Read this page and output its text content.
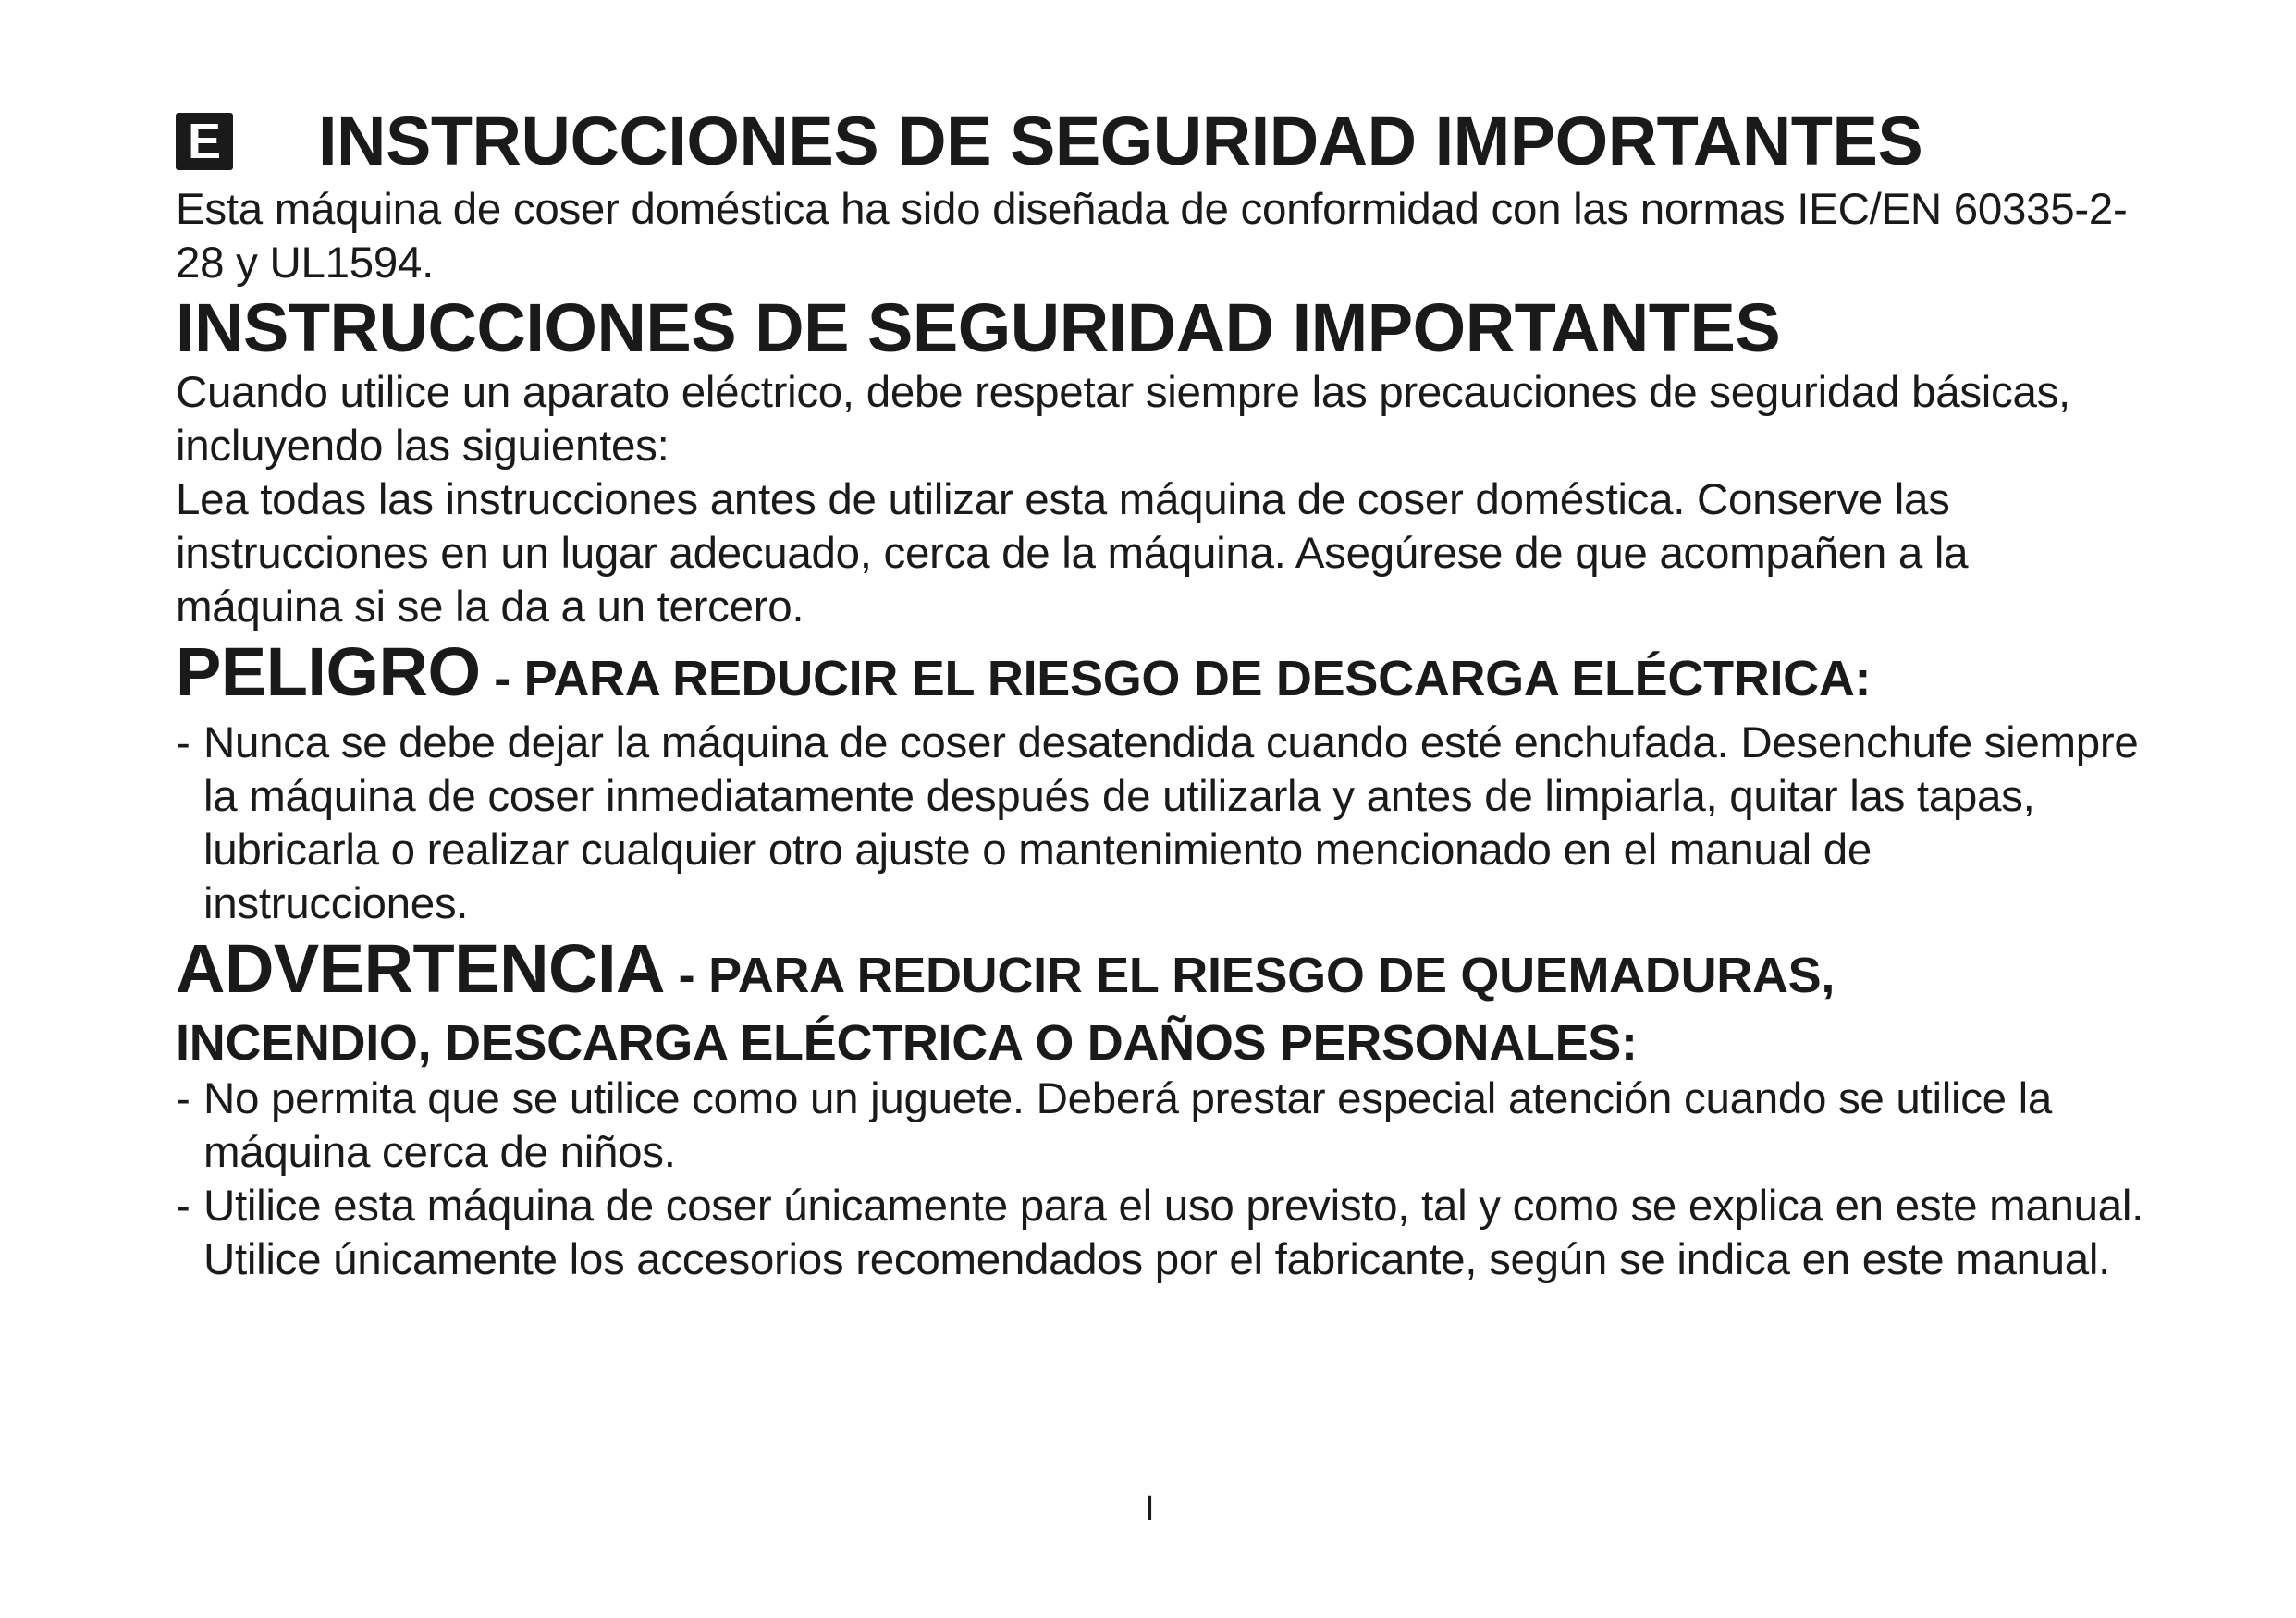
E INSTRUCCIONES DE SEGURIDAD IMPORTANTES

Esta máquina de coser doméstica ha sido diseñada de conformidad con las normas IEC/EN 60335-2-28 y UL1594.

INSTRUCCIONES DE SEGURIDAD IMPORTANTES

Cuando utilice un aparato eléctrico, debe respetar siempre las precauciones de seguridad básicas, incluyendo las siguientes:

Lea todas las instrucciones antes de utilizar esta máquina de coser doméstica. Conserve las instrucciones en un lugar adecuado, cerca de la máquina. Asegúrese de que acompañen a la máquina si se la da a un tercero.

PELIGRO - PARA REDUCIR EL RIESGO DE DESCARGA ELÉCTRICA:
- Nunca se debe dejar la máquina de coser desatendida cuando esté enchufada. Desenchufe siempre la máquina de coser inmediatamente después de utilizarla y antes de limpiarla, quitar las tapas, lubricarla o realizar cualquier otro ajuste o mantenimiento mencionado en el manual de instrucciones.
ADVERTENCIA - PARA REDUCIR EL RIESGO DE QUEMADURAS,
INCENDIO, DESCARGA ELÉCTRICA O DAÑOS PERSONALES:
- No permita que se utilice como un juguete. Deberá prestar especial atención cuando se utilice la máquina cerca de niños.
- Utilice esta máquina de coser únicamente para el uso previsto, tal y como se explica en este manual. Utilice únicamente los accesorios recomendados por el fabricante, según se indica en este manual.
I
